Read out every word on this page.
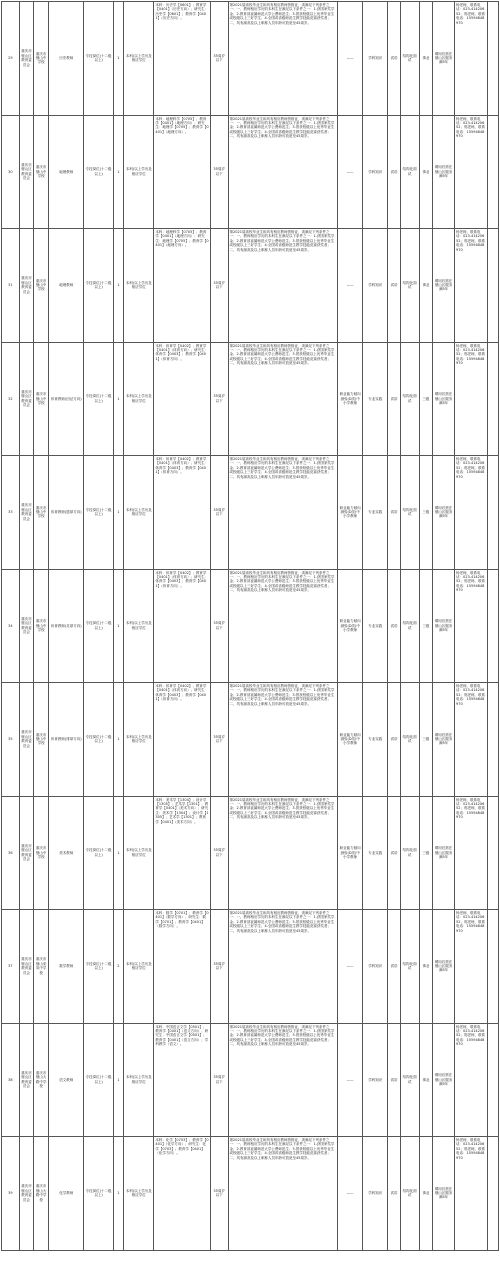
29	重庆市璧山区教育委员会	重庆市璧山中学校	历史教师	专技岗位(十二级以上)	1	本科(以上学历及相应学位	本科：历史学【0601】；教育学【0401】（历史方向）；研究生：历史学【0601】；教育学【0401】（历史方向）。	35周岁以下	第2021届高校毕业生和具有相应教师资格证，须满足下列条件之一：一、教师相应学历的本科生在满足以下条件之一：1.获国家奖学金；2.教育部直属师范大学公费师范生；3.曾获校级以上优秀毕业生或校级以上三好学生；4.全国或省级师范生教学技能竞赛获奖者；二、具有副高及以上职称人员年龄可放宽至45周岁。	——	学科知识	试讲	结构化面试	事业	聘用后需在璧山区服务满5年	杨老师，联系电话：023-41420652；郭老师，联系电话：15594848970	
30	重庆市璧山区教育委员会	重庆市璧山中学校	地理教师	专技岗位(十二级以上)	1	本科(以上学历及相应学位	本科：地理科学【0705】；教育学【0401】（地理方向）；研究生：地理学【0705】；教育学【0401】（地理方向）。	35周岁以下	第2021届高校毕业生和具有相应教师资格证，须满足下列条件之一：一、教师相应学历的本科生在满足以下条件之一：1.获国家奖学金；2.教育部直属师范大学公费师范生；3.曾获校级以上优秀毕业生或校级以上三好学生；4.全国或省级师范生教学技能竞赛获奖者；二、具有副高及以上职称人员年龄可放宽至45周岁。	——	学科知识	试讲	结构化面试	事业	聘用后需在璧山区服务满5年	杨老师，联系电话：023-41420652；郭老师，联系电话：15594848970	
31	重庆市璧山区教育委员会	重庆市璧山中学校	地理教师	专技岗位(十二级以上)	1	本科(以上学历及相应学位	本科：地理科学【0705】；教育学【0401】（地理方向）；研究生：地理学【0705】；教育学【0401】（地理方向）。	35周岁以下	第2021届高校毕业生和具有相应教师资格证，须满足下列条件之一：一、教师相应学历的本科生在满足以下条件之一：1.获国家奖学金；2.教育部直属师范大学公费师范生；3.曾获校级以上优秀毕业生或校级以上三好学生；4.全国或省级师范生教学技能竞赛获奖者；二、具有副高及以上职称人员年龄可放宽至45周岁。	——	学科知识	试讲	结构化面试	事业	聘用后需在璧山区服务满5年	杨老师，联系电话：023-41420652；郭老师，联系电话：15594848970	
32	重庆市璧山区教育委员会	重庆市璧山中学校	体育教师(田径方向)	专技岗位(十二级以上)	1	本科(以上学历及相应学位	本科：体育学【0402】；教育学【0401】（体育方向）；研究生：体育学【0403】；教育学【0401】（体育方向）。	35周岁以下	第2021届高校毕业生和具有相应教师资格证，须满足下列条件之一：一、教师相应学历的本科生在满足以下条件之一：1.获国家奖学金；2.教育部直属师范大学公费师范生；3.曾获校级以上优秀毕业生或校级以上三好学生；4.全国或省级师范生教学技能竞赛获奖者；二、具有副高及以上职称人员年龄可放宽至45周岁。	职业能力倾向测验(D类)中小学教师	专业实践	试讲	结构化面试	三级	聘用后需在璧山区服务满5年	杨老师，联系电话：023-41420652；郭老师，联系电话：15594848970	
33	重庆市璧山区教育委员会	重庆市璧山中学校	体育教师(篮球方向)	专技岗位(十二级以上)	1	本科(以上学历及相应学位	本科：体育学【0402】；教育学【0401】（体育方向）；研究生：体育学【0403】；教育学【0401】（体育方向）。	35周岁以下	第2021届高校毕业生和具有相应教师资格证，须满足下列条件之一：一、教师相应学历的本科生在满足以下条件之一：1.获国家奖学金；2.教育部直属师范大学公费师范生；3.曾获校级以上优秀毕业生或校级以上三好学生；4.全国或省级师范生教学技能竞赛获奖者；二、具有副高及以上职称人员年龄可放宽至45周岁。	职业能力倾向测验(D类)中小学教师	专业实践	试讲	结构化面试	三级	聘用后需在璧山区服务满5年	杨老师，联系电话：023-41420652；郭老师，联系电话：15594848970	
34	重庆市璧山区教育委员会	重庆市璧山中学校	体育教师(足球方向)	专技岗位(十二级以上)	1	本科(以上学历及相应学位	本科：体育学【0402】；教育学【0401】（体育方向）；研究生：体育学【0403】；教育学【0401】（体育方向）。	35周岁以下	第2021届高校毕业生和具有相应教师资格证，须满足下列条件之一：一、教师相应学历的本科生在满足以下条件之一：1.获国家奖学金；2.教育部直属师范大学公费师范生；3.曾获校级以上优秀毕业生或校级以上三好学生；4.全国或省级师范生教学技能竞赛获奖者；二、具有副高及以上职称人员年龄可放宽至45周岁。	职业能力倾向测验(D类)中小学教师	专业实践	试讲	结构化面试	三级	聘用后需在璧山区服务满5年	杨老师，联系电话：023-41420652；郭老师，联系电话：15594848970	
35	重庆市璧山区教育委员会	重庆市璧山中学校	体育教师(排球方向)	专技岗位(十二级以上)	1	本科(以上学历及相应学位	本科：体育学【0402】；教育学【0401】（体育方向）；研究生：体育学【0403】；教育学【0401】（体育方向）。	35周岁以下	第2021届高校毕业生和具有相应教师资格证，须满足下列条件之一：一、教师相应学历的本科生在满足以下条件之一：1.获国家奖学金；2.教育部直属师范大学公费师范生；3.曾获校级以上优秀毕业生或校级以上三好学生；4.全国或省级师范生教学技能竞赛获奖者；二、具有副高及以上职称人员年龄可放宽至45周岁。	职业能力倾向测验(D类)中小学教师	专业实践	试讲	结构化面试	三级	聘用后需在璧山区服务满5年	杨老师，联系电话：023-41420652；郭老师，联系电话：15594848970	
36	重庆市璧山区教育委员会	重庆市璧山中学校	美术教师	专技岗位(十二级以上)	1	本科(以上学历及相应学位	本科：美术学【1304】；设计学【1305】；艺术学【1301】；教育学【0401】（美术方向）；研究生：美术学【1304】；设计学【1305】；艺术学【1301】；教育学【0401】（美术方向）。	35周岁以下	第2021届高校毕业生和具有相应教师资格证，须满足下列条件之一：一、教师相应学历的本科生在满足以下条件之一：1.获国家奖学金；2.教育部直属师范大学公费师范生；3.曾获校级以上优秀毕业生或校级以上三好学生；4.全国或省级师范生教学技能竞赛获奖者；二、具有副高及以上职称人员年龄可放宽至45周岁。	职业能力倾向测验(D类)中小学教师	专业实践	试讲	结构化面试	三级	聘用后需在璧山区服务满5年	杨老师，联系电话：023-41420652；郭老师，联系电话：15594848970	
37	重庆市璧山区教育委员会	重庆市璧山来凤中学校	数学教师	专技岗位(十二级以上)	2	本科(以上学历及相应学位	本科：数学【0701】；教育学【0401】（数学方向）；研究生：数学【0701】；教育学【0401】（数学方向）。	35周岁以下	第2021届高校毕业生和具有相应教师资格证，须满足下列条件之一：一、教师相应学历的本科生在满足以下条件之一：1.获国家奖学金；2.教育部直属师范大学公费师范生；3.曾获校级以上优秀毕业生或校级以上三好学生；4.全国或省级师范生教学技能竞赛获奖者；二、具有副高及以上职称人员年龄可放宽至45周岁。	——	学科知识	试讲	结构化面试	事业	聘用后需在璧山区服务满5年	杨老师，联系电话：023-41420652；郭老师，联系电话：15594848970	
38	重庆市璧山区教育委员会	重庆市璧山大路中学校	语文教师	专技岗位(十二级以上)	1	本科(以上学历及相应学位	本科：中国语言文学【0501】；教育学【0401】（语文方向）；研究生：中国语言文学【0501】；教育学【0401】（语文方向）；学科教学（语文）。	35周岁以下	第2021届高校毕业生和具有相应教师资格证，须满足下列条件之一：一、教师相应学历的本科生在满足以下条件之一：1.获国家奖学金；2.教育部直属师范大学公费师范生；3.曾获校级以上优秀毕业生或校级以上三好学生；4.全国或省级师范生教学技能竞赛获奖者；二、具有副高及以上职称人员年龄可放宽至45周岁。	——	学科知识	试讲	结构化面试	事业	聘用后需在璧山区服务满5年	杨老师，联系电话：023-41420652；郭老师，联系电话：15594848970	
39	重庆市璧山区教育委员会	重庆市璧山大路中学校	化学教师	专技岗位(十二级以上)	1	本科(以上学历及相应学位	本科：化学【0703】；教育学【0401】（化学方向）；研究生：化学【0703】；教育学【0401】（化学方向）。	35周岁以下	第2021届高校毕业生和具有相应教师资格证，须满足下列条件之一：一、教师相应学历的本科生在满足以下条件之一：1.获国家奖学金；2.教育部直属师范大学公费师范生；3.曾获校级以上优秀毕业生或校级以上三好学生；4.全国或省级师范生教学技能竞赛获奖者；二、具有副高及以上职称人员年龄可放宽至45周岁。	——	学科知识	试讲	结构化面试	事业	聘用后需在璧山区服务满5年	杨老师，联系电话：023-41420652；郭老师，联系电话：15594848970	
